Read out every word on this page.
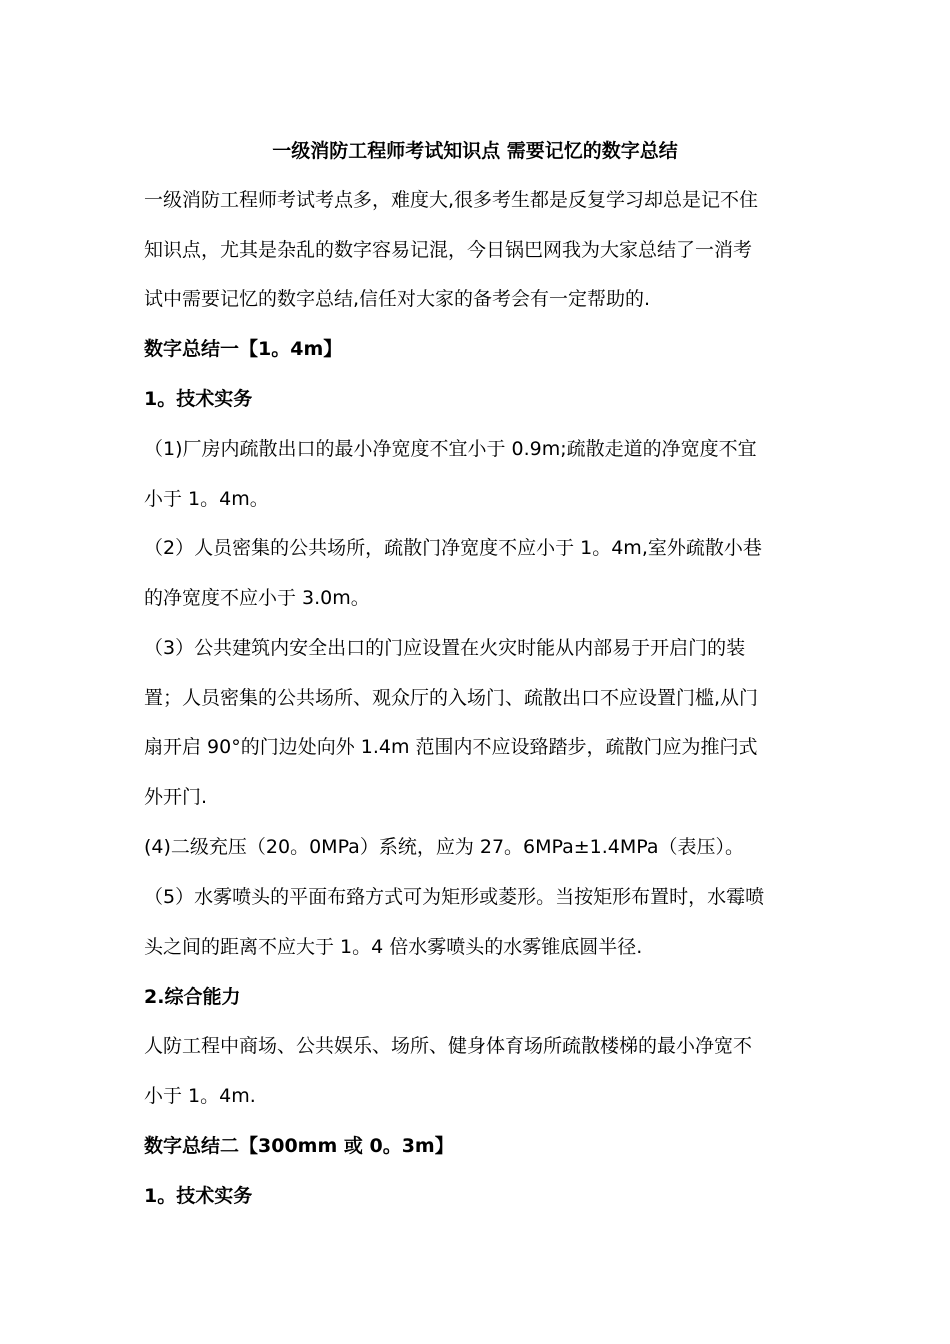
一级消防工程师考试知识点 需要记忆的数字总结
一级消防工程师考试考点多，难度大,很多考生都是反复学习却总是记不住
知识点，尤其是杂乱的数字容易记混，今日锅巴网我为大家总结了一消考
试中需要记忆的数字总结,信任对大家的备考会有一定帮助的.
数字总结一【1。4m】
1。技术实务
（1)厂房内疏散出口的最小净宽度不宜小于 0.9m;疏散走道的净宽度不宜
小于 1。4m。
（2）人员密集的公共场所，疏散门净宽度不应小于 1。4m,室外疏散小巷
的净宽度不应小于 3.0m。
（3）公共建筑内安全出口的门应设置在火灾时能从内部易于开启门的装
置；人员密集的公共场所、观众厅的入场门、疏散出口不应设置门槛,从门
扇开启 90°的门边处向外 1.4m 范围内不应设臵踏步，疏散门应为推闩式
外开门.
(4)二级充压（20。0MPa）系统，应为 27。6MPa±1.4MPa（表压）。
（5）水雾喷头的平面布臵方式可为矩形或菱形。当按矩形布置时，水霉喷
头之间的距离不应大于 1。4 倍水雾喷头的水雾锥底圆半径.
2.综合能力
人防工程中商场、公共娱乐、场所、健身体育场所疏散楼梯的最小净宽不
小于 1。4m.
数字总结二【300mm 或 0。3m】
1。技术实务
